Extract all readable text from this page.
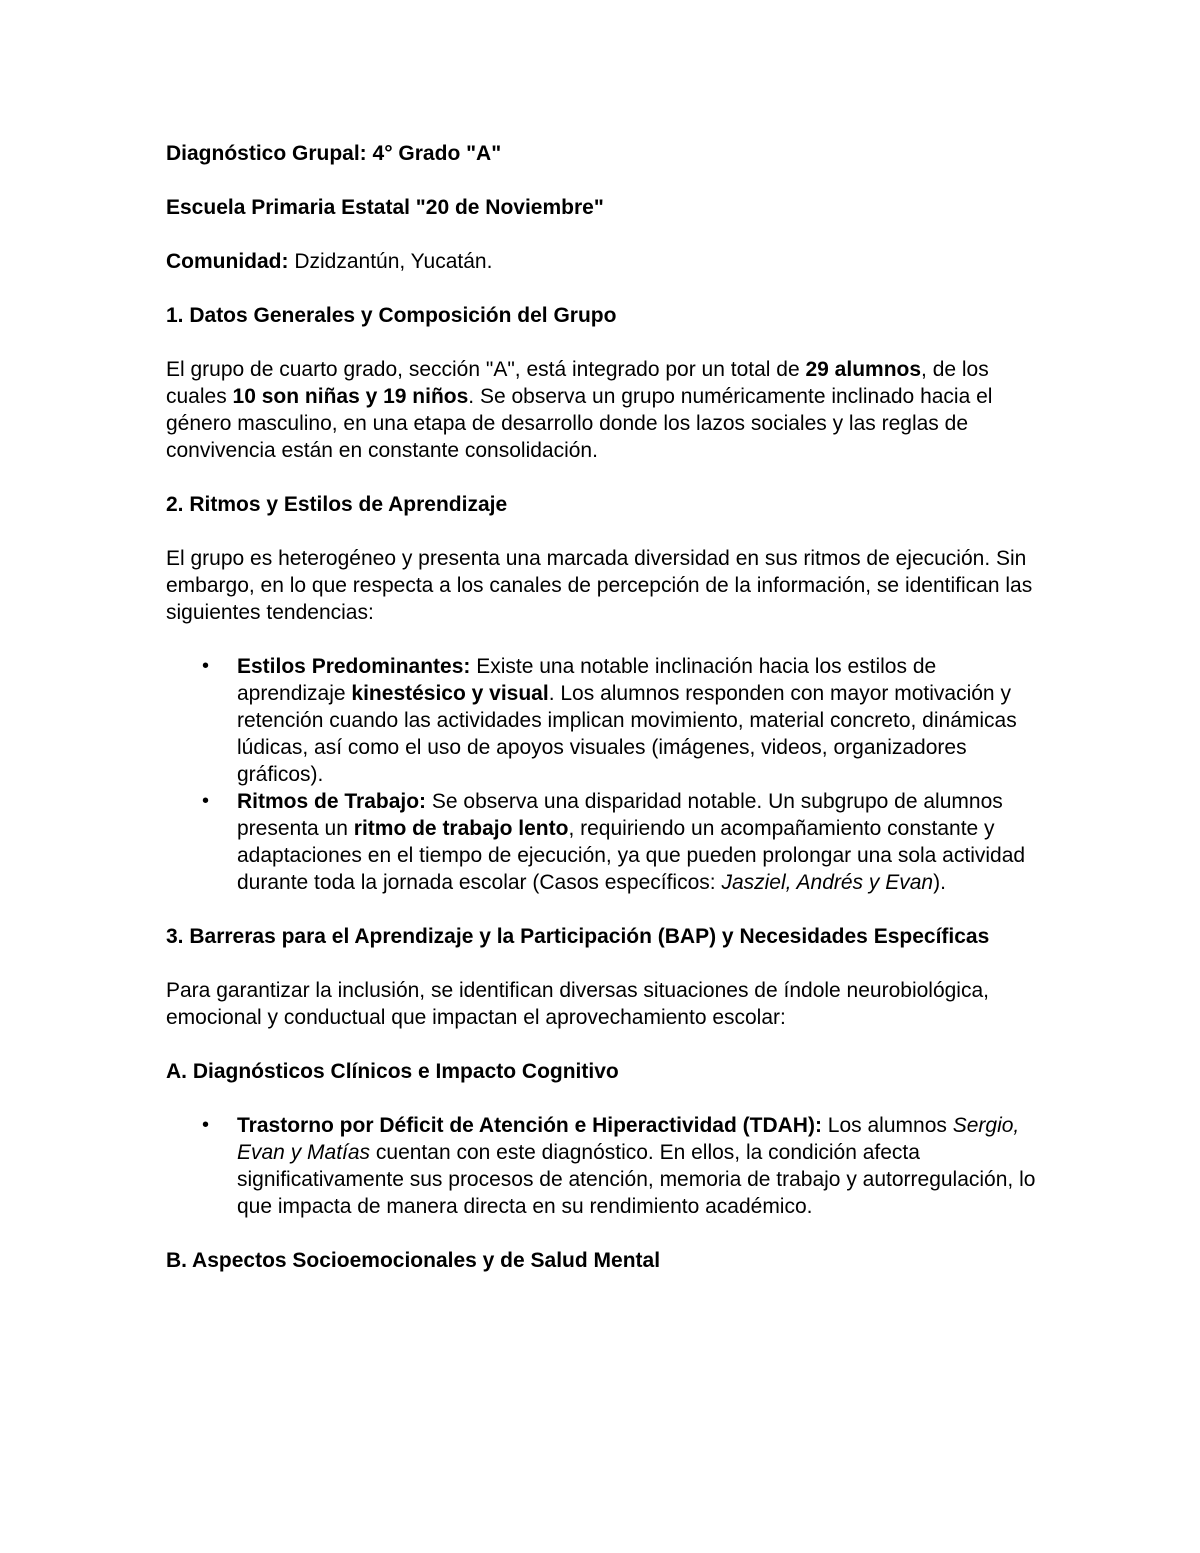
Diagnóstico Grupal: 4° Grado "A"

Escuela Primaria Estatal "20 de Noviembre"

Comunidad: Dzidzantún, Yucatán.

1. Datos Generales y Composición del Grupo

El grupo de cuarto grado, sección "A", está integrado por un total de 29 alumnos, de los cuales 10 son niñas y 19 niños. Se observa un grupo numéricamente inclinado hacia el género masculino, en una etapa de desarrollo donde los lazos sociales y las reglas de convivencia están en constante consolidación.

2. Ritmos y Estilos de Aprendizaje

El grupo es heterogéneo y presenta una marcada diversidad en sus ritmos de ejecución. Sin embargo, en lo que respecta a los canales de percepción de la información, se identifican las siguientes tendencias:

• Estilos Predominantes: Existe una notable inclinación hacia los estilos de aprendizaje kinestésico y visual. Los alumnos responden con mayor motivación y retención cuando las actividades implican movimiento, material concreto, dinámicas lúdicas, así como el uso de apoyos visuales (imágenes, videos, organizadores gráficos).
• Ritmos de Trabajo: Se observa una disparidad notable. Un subgrupo de alumnos presenta un ritmo de trabajo lento, requiriendo un acompañamiento constante y adaptaciones en el tiempo de ejecución, ya que pueden prolongar una sola actividad durante toda la jornada escolar (Casos específicos: Jasziel, Andrés y Evan).

3. Barreras para el Aprendizaje y la Participación (BAP) y Necesidades Específicas

Para garantizar la inclusión, se identifican diversas situaciones de índole neurobiológica, emocional y conductual que impactan el aprovechamiento escolar:

A. Diagnósticos Clínicos e Impacto Cognitivo

• Trastorno por Déficit de Atención e Hiperactividad (TDAH): Los alumnos Sergio, Evan y Matías cuentan con este diagnóstico. En ellos, la condición afecta significativamente sus procesos de atención, memoria de trabajo y autorregulación, lo que impacta de manera directa en su rendimiento académico.

B. Aspectos Socioemocionales y de Salud Mental
